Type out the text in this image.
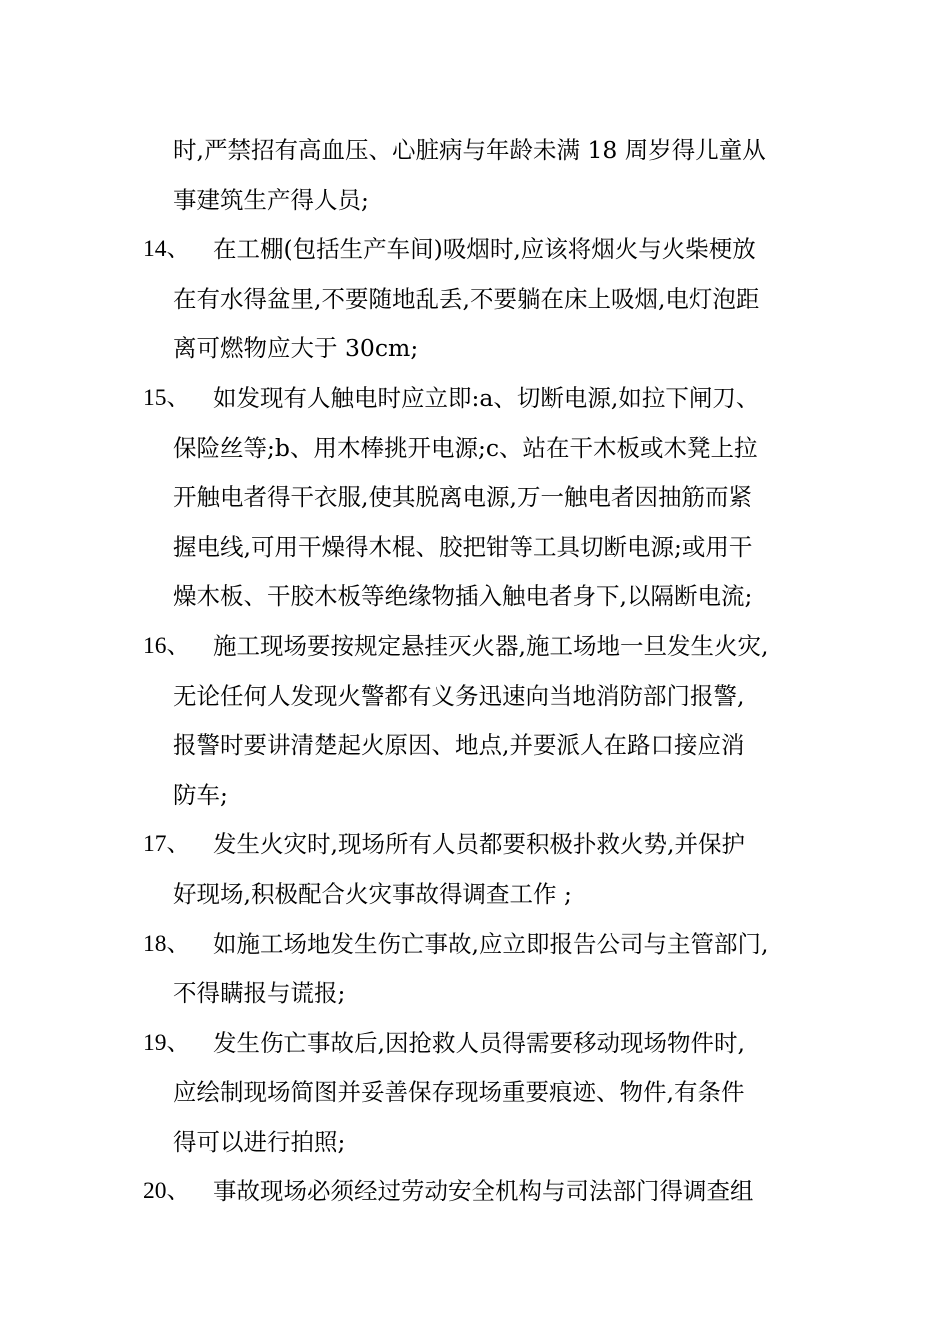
时,严禁招有高血压、心脏病与年龄未满 18 周岁得儿童从
事建筑生产得人员;
14、 在工棚(包括生产车间)吸烟时,应该将烟火与火柴梗放
在有水得盆里,不要随地乱丢,不要躺在床上吸烟,电灯泡距
离可燃物应大于 30cm;
15、 如发现有人触电时应立即:a、切断电源,如拉下闸刀、
保险丝等;b、用木棒挑开电源;c、站在干木板或木凳上拉
开触电者得干衣服,使其脱离电源,万一触电者因抽筋而紧
握电线,可用干燥得木棍、胶把钳等工具切断电源;或用干
燥木板、干胶木板等绝缘物插入触电者身下,以隔断电流;
16、 施工现场要按规定悬挂灭火器,施工场地一旦发生火灾,
无论任何人发现火警都有义务迅速向当地消防部门报警,
报警时要讲清楚起火原因、地点,并要派人在路口接应消
防车;
17、 发生火灾时,现场所有人员都要积极扑救火势,并保护
好现场,积极配合火灾事故得调查工作 ;
18、 如施工场地发生伤亡事故,应立即报告公司与主管部门,
不得瞒报与谎报;
19、 发生伤亡事故后,因抢救人员得需要移动现场物件时,
应绘制现场简图并妥善保存现场重要痕迹、物件,有条件
得可以进行拍照;
20、 事故现场必须经过劳动安全机构与司法部门得调查组
